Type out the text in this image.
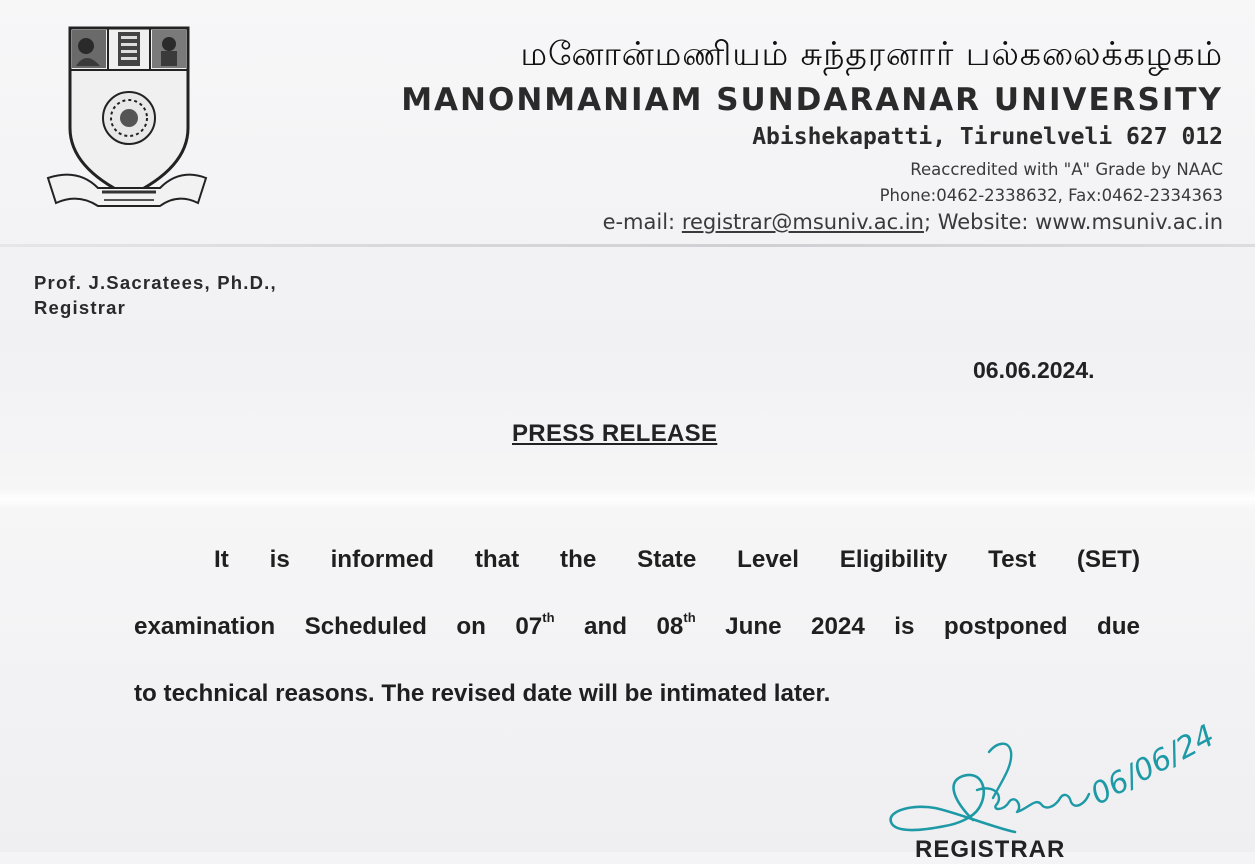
மனோன்மணியம் சுந்தரனார் பல்கலைக்கழகம்
MANONMANIAM SUNDARANAR UNIVERSITY
Abishekapatti, Tirunelveli 627 012
Reaccredited with "A" Grade by NAAC
Phone:0462-2338632, Fax:0462-2334363
e-mail: registrar@msuniv.ac.in; Website: www.msuniv.ac.in
Prof. J.Sacratees, Ph.D.,
Registrar
06.06.2024.
PRESS RELEASE
It is informed that the State Level Eligibility Test (SET)
examination Scheduled on 07th and 08th June 2024 is postponed due
to technical reasons. The revised date will be intimated later.
06/06/24
REGISTRAR
